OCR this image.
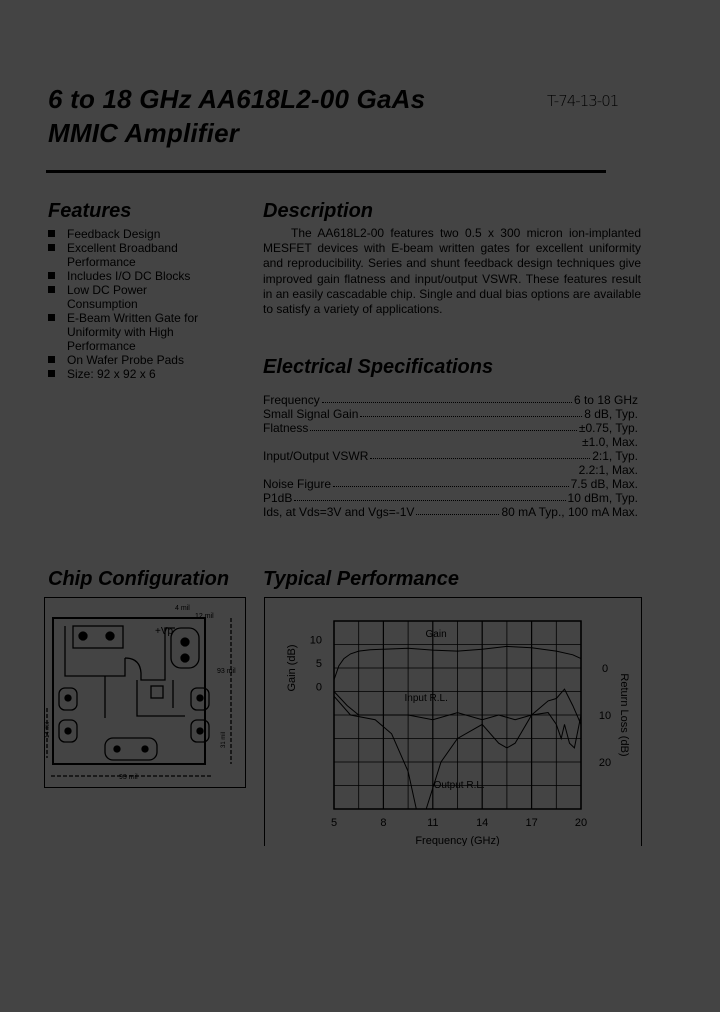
6 to 18 GHz AA618L2-00 GaAs
MMIC Amplifier
T-74-13-01
Features
Feedback Design
Excellent Broadband Performance
Includes I/O DC Blocks
Low DC Power Consumption
E-Beam Written Gate for Uniformity with High Performance
On Wafer Probe Pads
Size: 92 x 92 x 6
Description

The AA618L2-00 features two 0.5 x 300 micron ion-implanted MESFET devices with E-beam written gates for excellent uniformity and reproducibility. Series and shunt feedback design techniques give improved gain flatness and input/output VSWR. These features result in an easily cascadable chip. Single and dual bias options are available to satisfy a variety of applications.

Electrical Specifications
Frequency	6 to 18 GHz
Small Signal Gain	8 dB, Typ.
Flatness	±0.75, Typ.
±1.0, Max.
Input/Output VSWR	2:1, Typ.
2.2:1, Max.
Noise Figure	7.5 dB, Max.
P1dB	10 dBm, Typ.
Ids, at Vds=3V and Vgs=-1V	80 mA Typ., 100 mA Max.
Chip Configuration
+Vp
4 mil
12 mil
93 mil
93 mil
14 mil
31 mil
Typical Performance
5	8	11	14	17	20
10
5
0
0
10
20
Frequency (GHz)
Gain (dB)
Return Loss (dB)
Gain
Input R.L.
Output R.L.
